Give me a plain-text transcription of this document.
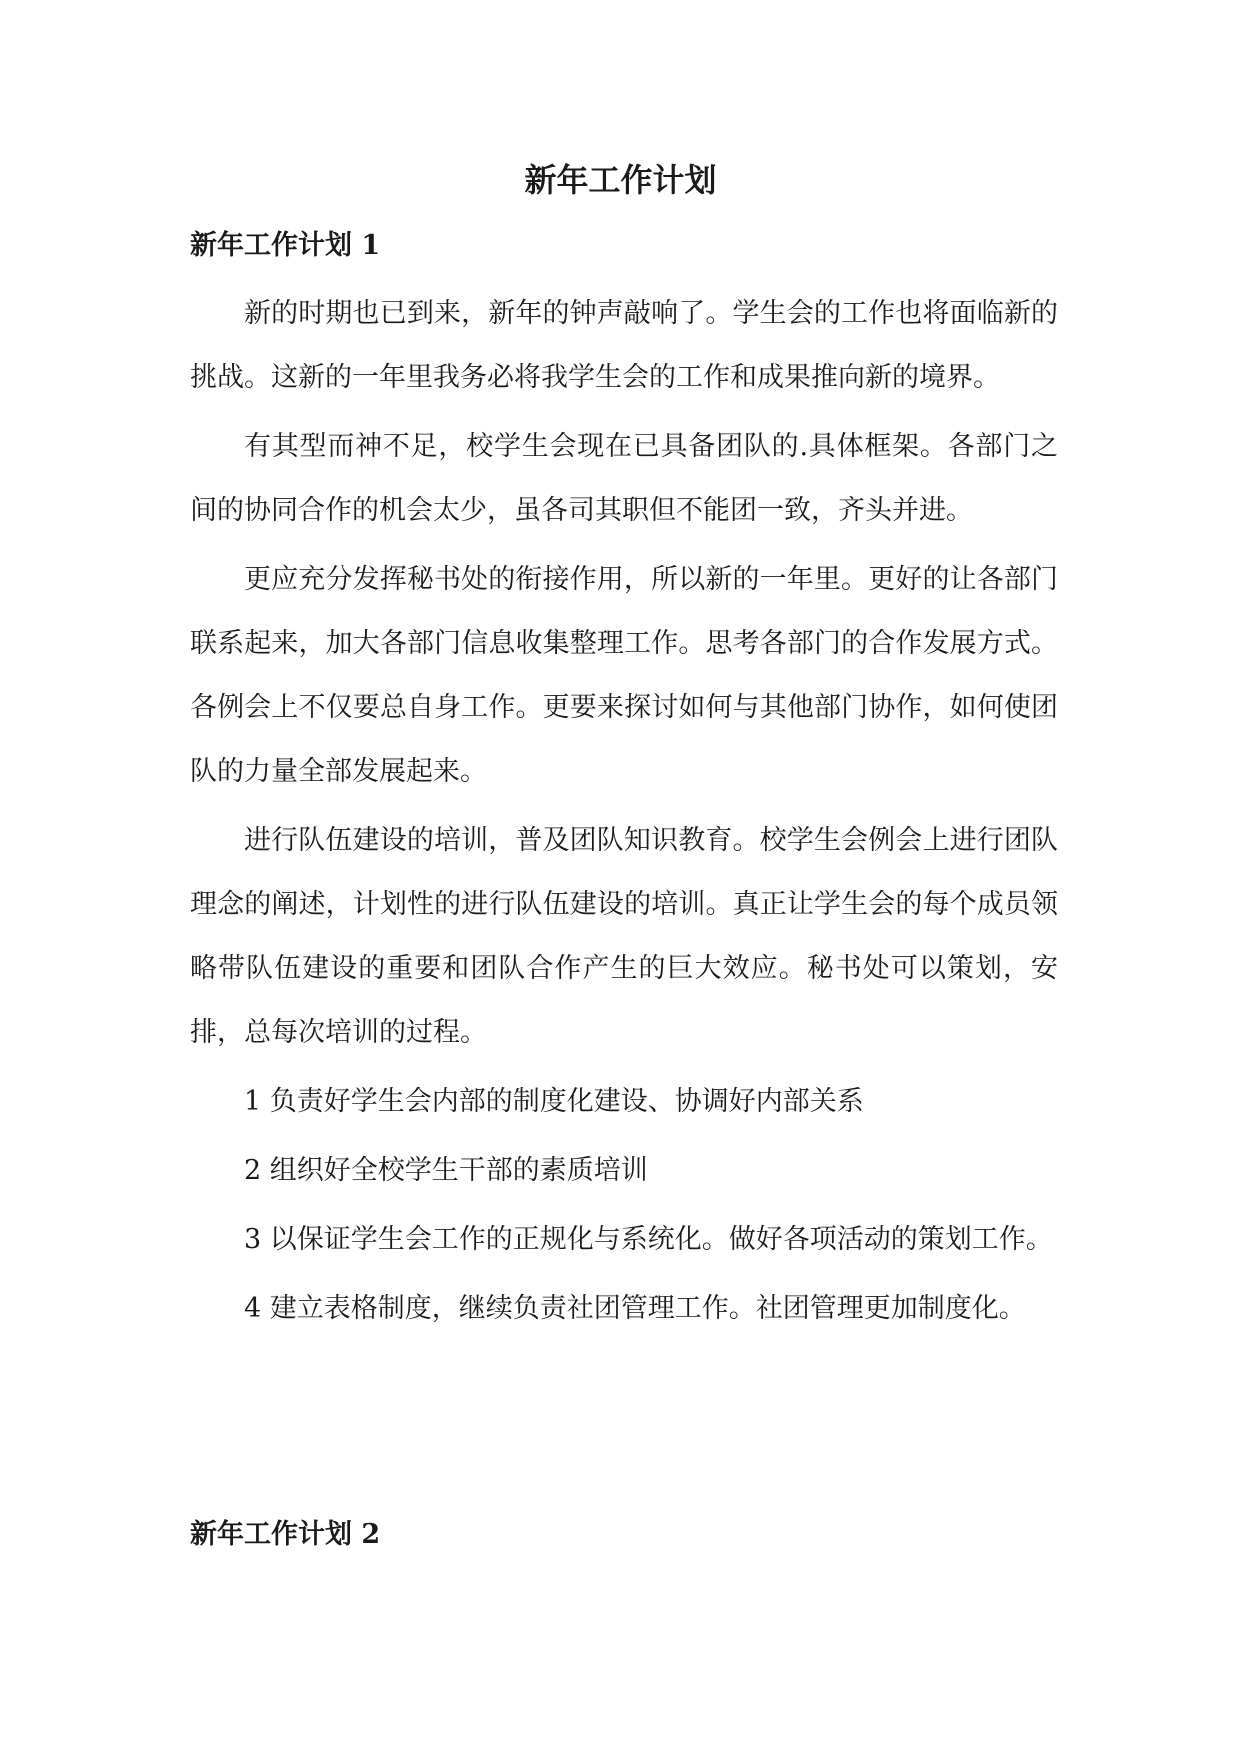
新年工作计划
新年工作计划 1

新的时期也已到来，新年的钟声敲响了。学生会的工作也将面临新的挑战。这新的一年里我务必将我学生会的工作和成果推向新的境界。

有其型而神不足，校学生会现在已具备团队的.具体框架。各部门之间的协同合作的机会太少，虽各司其职但不能团一致，齐头并进。

更应充分发挥秘书处的衔接作用，所以新的一年里。更好的让各部门联系起来，加大各部门信息收集整理工作。思考各部门的合作发展方式。各例会上不仅要总自身工作。更要来探讨如何与其他部门协作，如何使团队的力量全部发展起来。

进行队伍建设的培训，普及团队知识教育。校学生会例会上进行团队理念的阐述，计划性的进行队伍建设的培训。真正让学生会的每个成员领略带队伍建设的重要和团队合作产生的巨大效应。秘书处可以策划，安排，总每次培训的过程。

1 负责好学生会内部的制度化建设、协调好内部关系

2 组织好全校学生干部的素质培训

3 以保证学生会工作的正规化与系统化。做好各项活动的策划工作。

4 建立表格制度，继续负责社团管理工作。社团管理更加制度化。

新年工作计划 2
